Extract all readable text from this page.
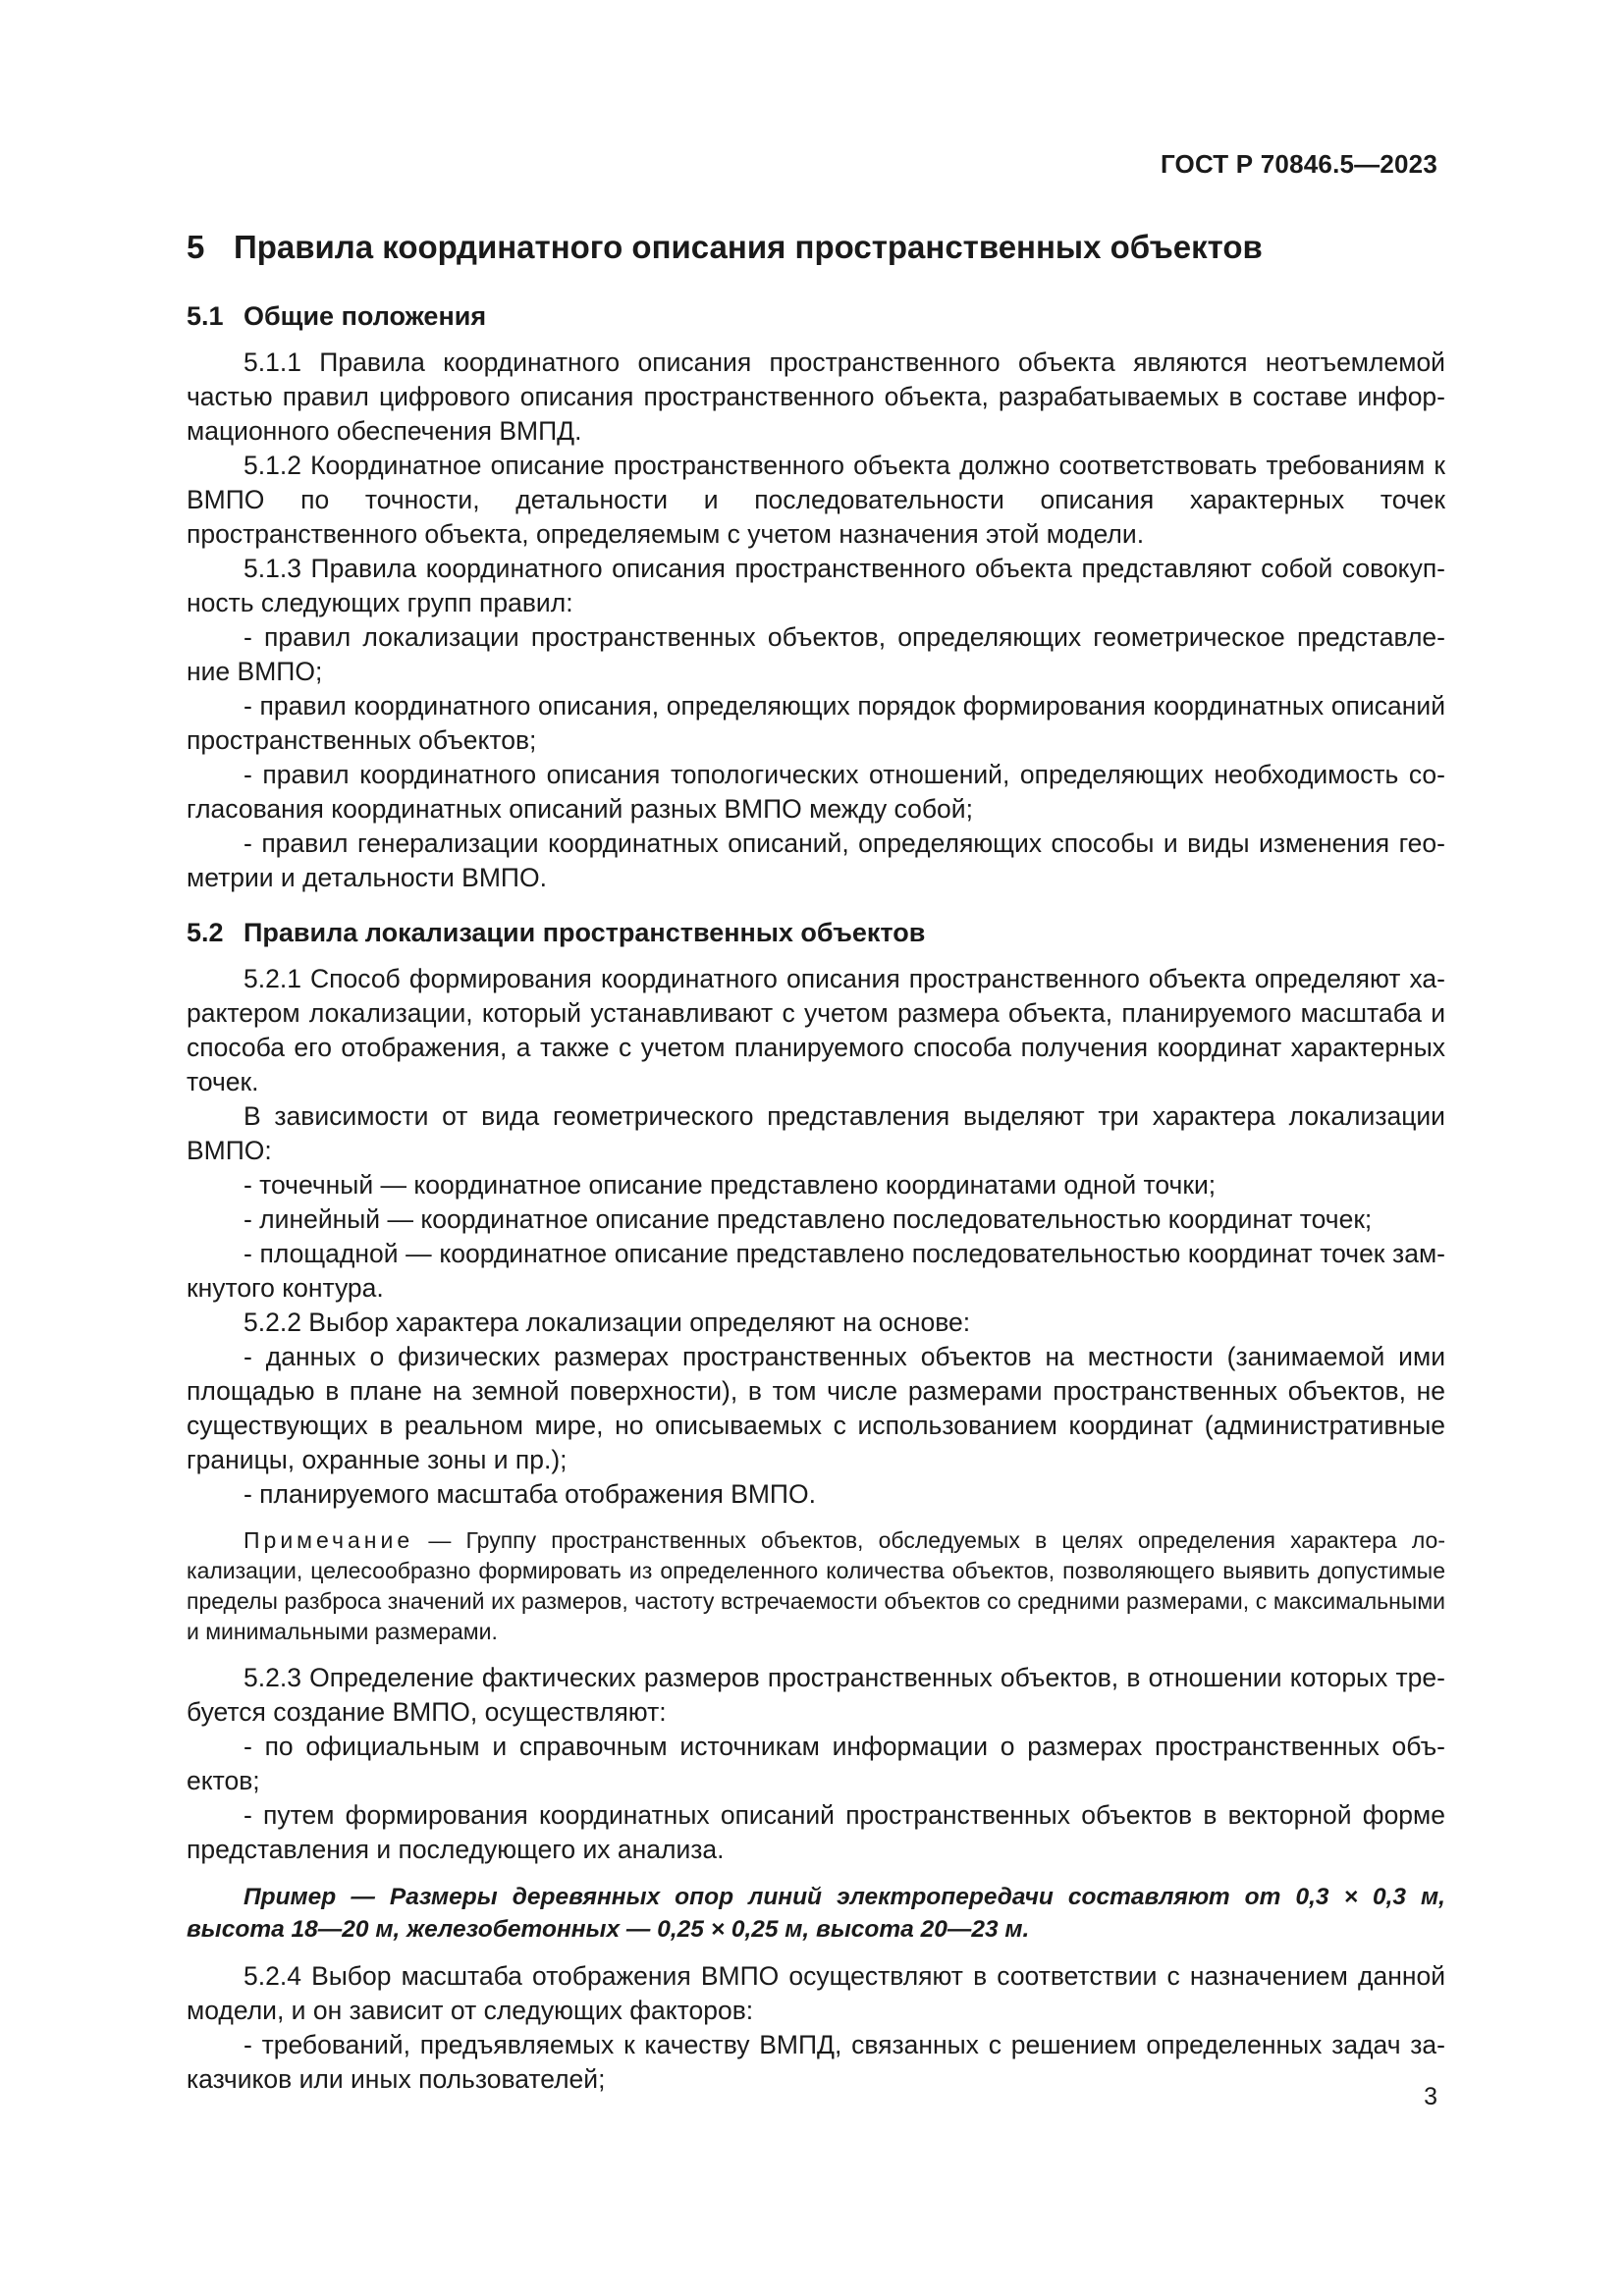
ГОСТ Р 70846.5—2023
5 Правила координатного описания пространственных объектов
5.1 Общие положения

5.1.1 Правила координатного описания пространственного объекта являются неотъемлемой частью правил цифрового описания пространственного объекта, разрабатываемых в составе информационного обеспечения ВМПД.

5.1.2 Координатное описание пространственного объекта должно соответствовать требованиям к ВМПО по точности, детальности и последовательности описания характерных точек пространственного объекта, определяемым с учетом назначения этой модели.

5.1.3 Правила координатного описания пространственного объекта представляют собой совокупность следующих групп правил:

- правил локализации пространственных объектов, определяющих геометрическое представление ВМПО;

- правил координатного описания, определяющих порядок формирования координатных описаний пространственных объектов;

- правил координатного описания топологических отношений, определяющих необходимость согласования координатных описаний разных ВМПО между собой;

- правил генерализации координатных описаний, определяющих способы и виды изменения геометрии и детальности ВМПО.

5.2 Правила локализации пространственных объектов

5.2.1 Способ формирования координатного описания пространственного объекта определяют характером локализации, который устанавливают с учетом размера объекта, планируемого масштаба и способа его отображения, а также с учетом планируемого способа получения координат характерных точек.

В зависимости от вида геометрического представления выделяют три характера локализации ВМПО:

- точечный — координатное описание представлено координатами одной точки;

- линейный — координатное описание представлено последовательностью координат точек;

- площадной — координатное описание представлено последовательностью координат точек замкнутого контура.

5.2.2 Выбор характера локализации определяют на основе:

- данных о физических размерах пространственных объектов на местности (занимаемой ими площадью в плане на земной поверхности), в том числе размерами пространственных объектов, не существующих в реальном мире, но описываемых с использованием координат (административные границы, охранные зоны и пр.);

- планируемого масштаба отображения ВМПО.

Примечание — Группу пространственных объектов, обследуемых в целях определения характера локализации, целесообразно формировать из определенного количества объектов, позволяющего выявить допустимые пределы разброса значений их размеров, частоту встречаемости объектов со средними размерами, с максимальными и минимальными размерами.

5.2.3 Определение фактических размеров пространственных объектов, в отношении которых требуется создание ВМПО, осуществляют:

- по официальным и справочным источникам информации о размерах пространственных объектов;

- путем формирования координатных описаний пространственных объектов в векторной форме представления и последующего их анализа.

Пример — Размеры деревянных опор линий электропередачи составляют от 0,3 × 0,3 м, высота 18—20 м, железобетонных — 0,25 × 0,25 м, высота 20—23 м.

5.2.4 Выбор масштаба отображения ВМПО осуществляют в соответствии с назначением данной модели, и он зависит от следующих факторов:

- требований, предъявляемых к качеству ВМПД, связанных с решением определенных задач заказчиков или иных пользователей;

3
